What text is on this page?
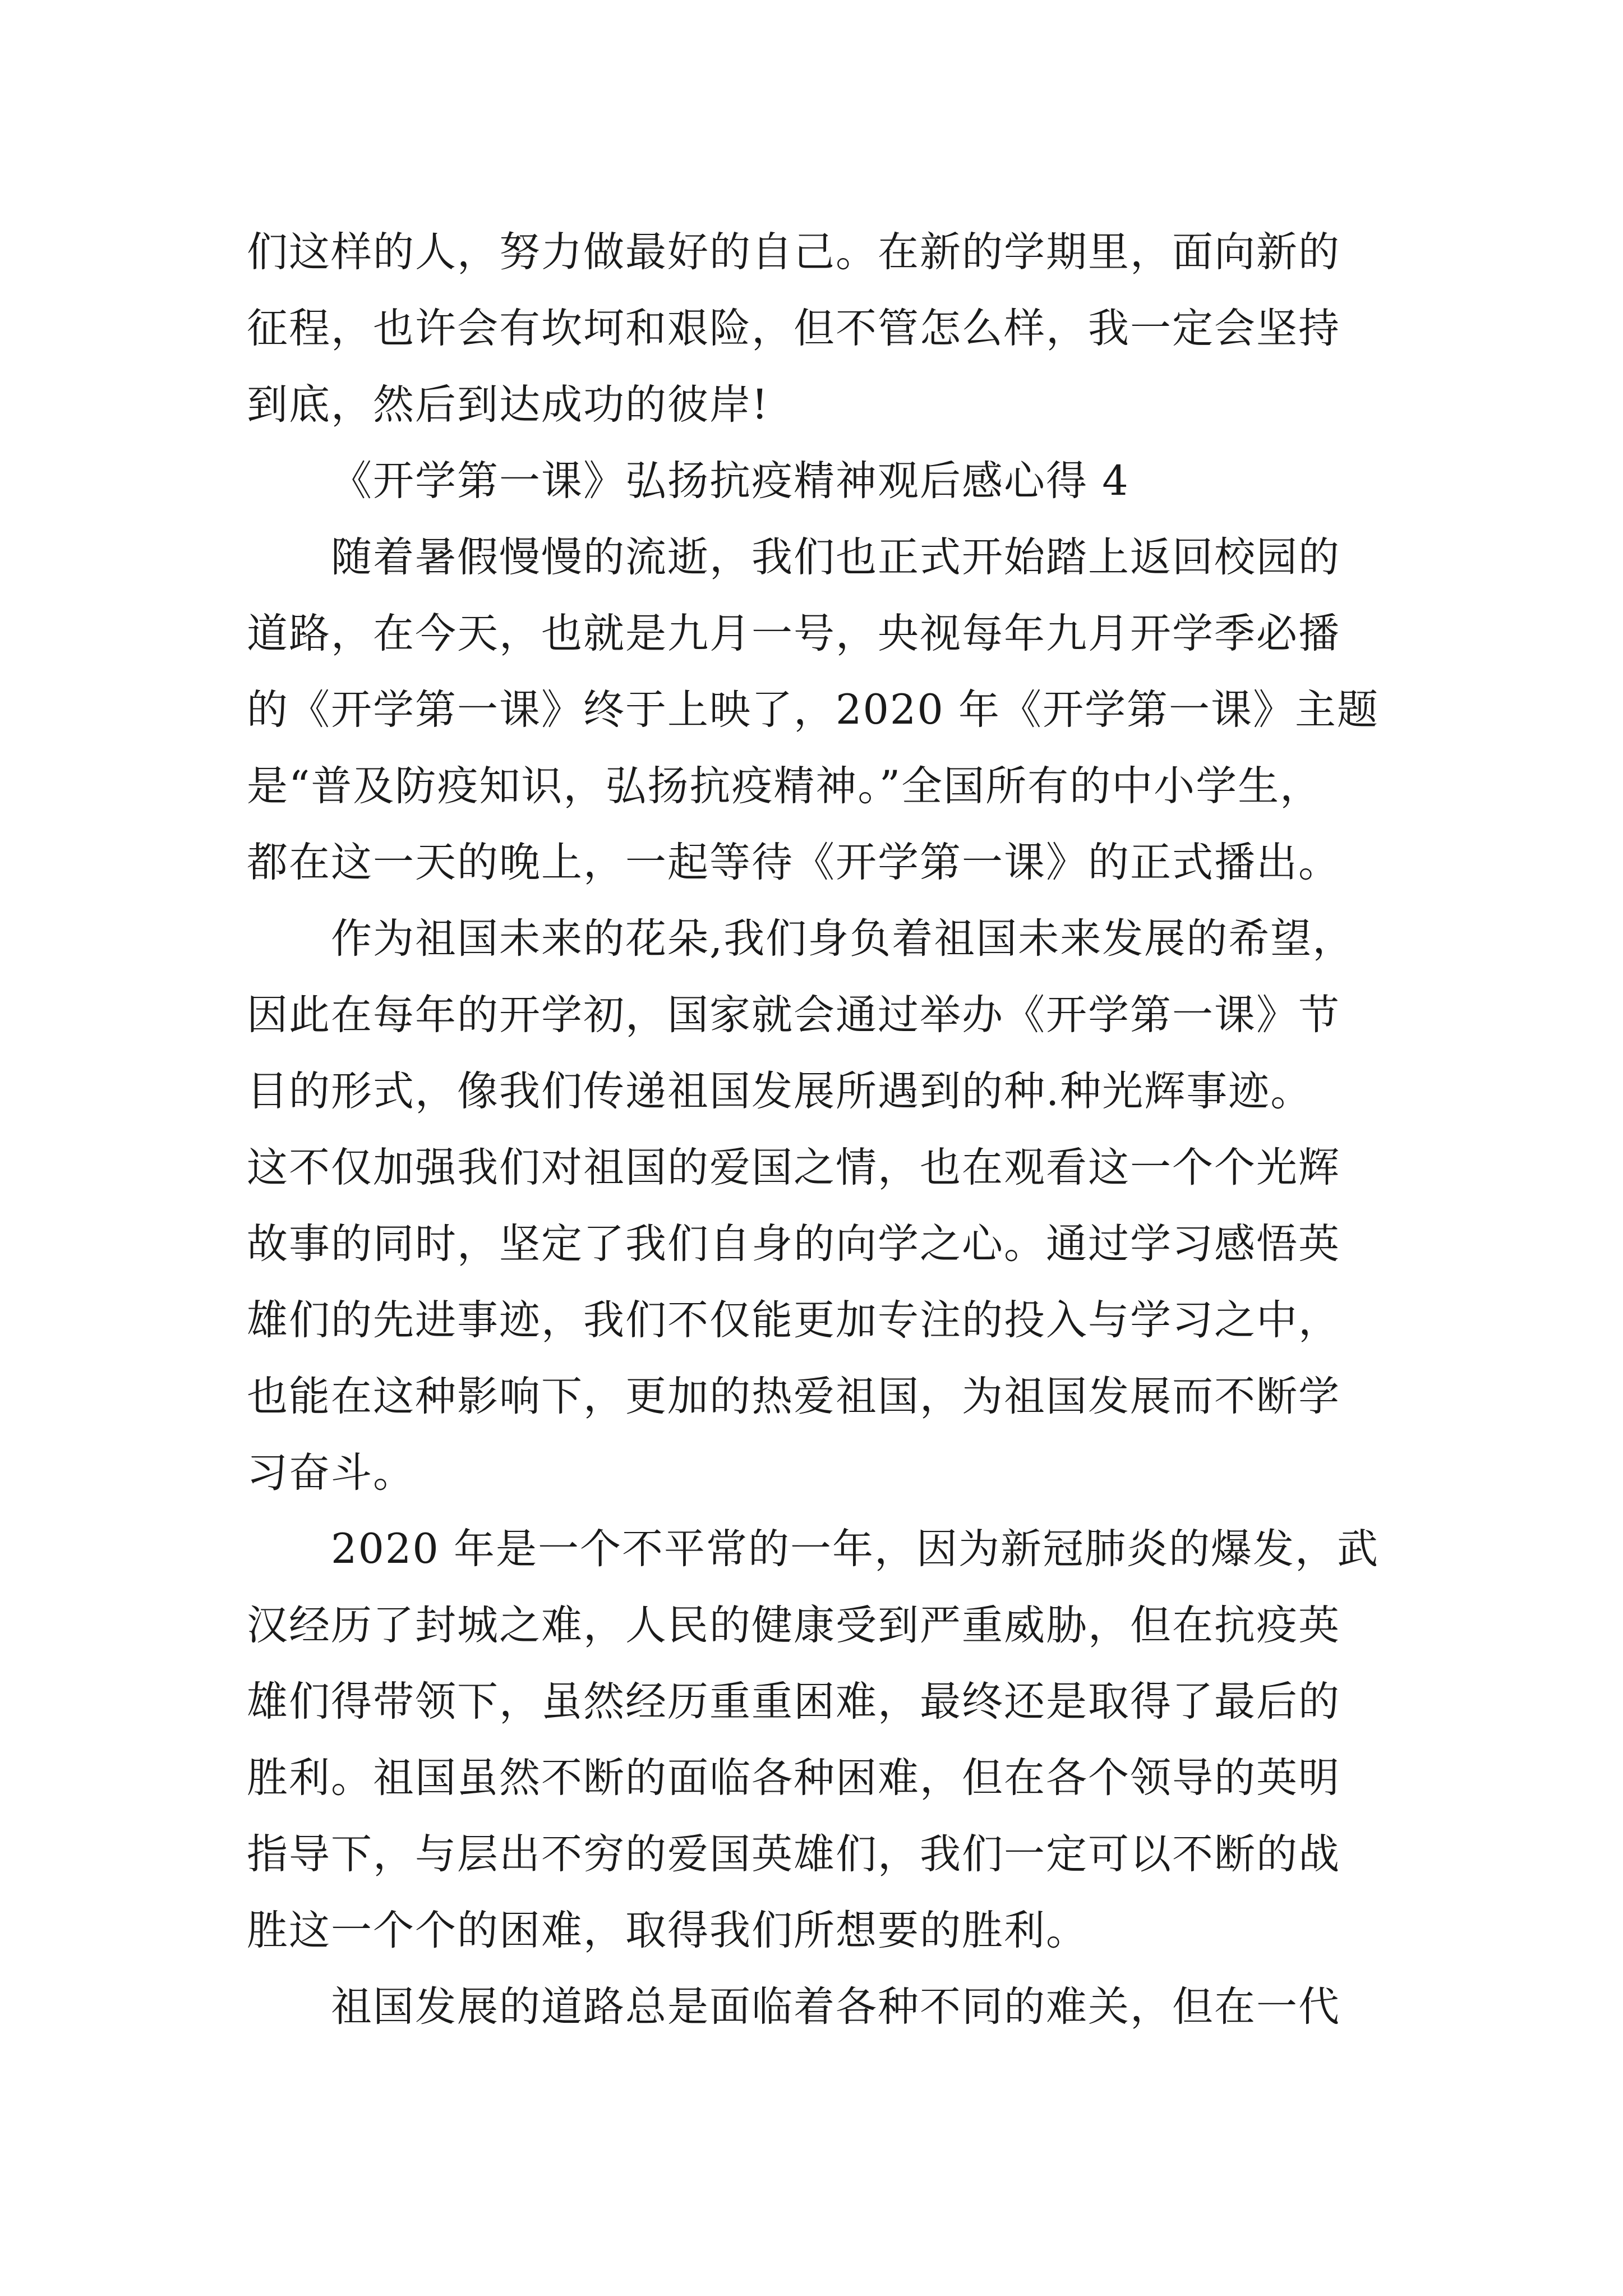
们这样的人，努力做最好的自己。在新的学期里，面向新的
征程，也许会有坎坷和艰险，但不管怎么样，我一定会坚持
到底，然后到达成功的彼岸!
《开学第一课》弘扬抗疫精神观后感心得 4
随着暑假慢慢的流逝，我们也正式开始踏上返回校园的
道路，在今天，也就是九月一号，央视每年九月开学季必播
的《开学第一课》终于上映了，2020 年《开学第一课》主题
是“普及防疫知识，弘扬抗疫精神。”全国所有的中小学生，
都在这一天的晚上，一起等待《开学第一课》的正式播出。
作为祖国未来的花朵,我们身负着祖国未来发展的希望，
因此在每年的开学初，国家就会通过举办《开学第一课》节
目的形式，像我们传递祖国发展所遇到的种.种光辉事迹。
这不仅加强我们对祖国的爱国之情，也在观看这一个个光辉
故事的同时，坚定了我们自身的向学之心。通过学习感悟英
雄们的先进事迹，我们不仅能更加专注的投入与学习之中，
也能在这种影响下，更加的热爱祖国，为祖国发展而不断学
习奋斗。
2020 年是一个不平常的一年，因为新冠肺炎的爆发，武
汉经历了封城之难，人民的健康受到严重威胁，但在抗疫英
雄们得带领下，虽然经历重重困难，最终还是取得了最后的
胜利。祖国虽然不断的面临各种困难，但在各个领导的英明
指导下，与层出不穷的爱国英雄们，我们一定可以不断的战
胜这一个个的困难，取得我们所想要的胜利。
祖国发展的道路总是面临着各种不同的难关，但在一代
